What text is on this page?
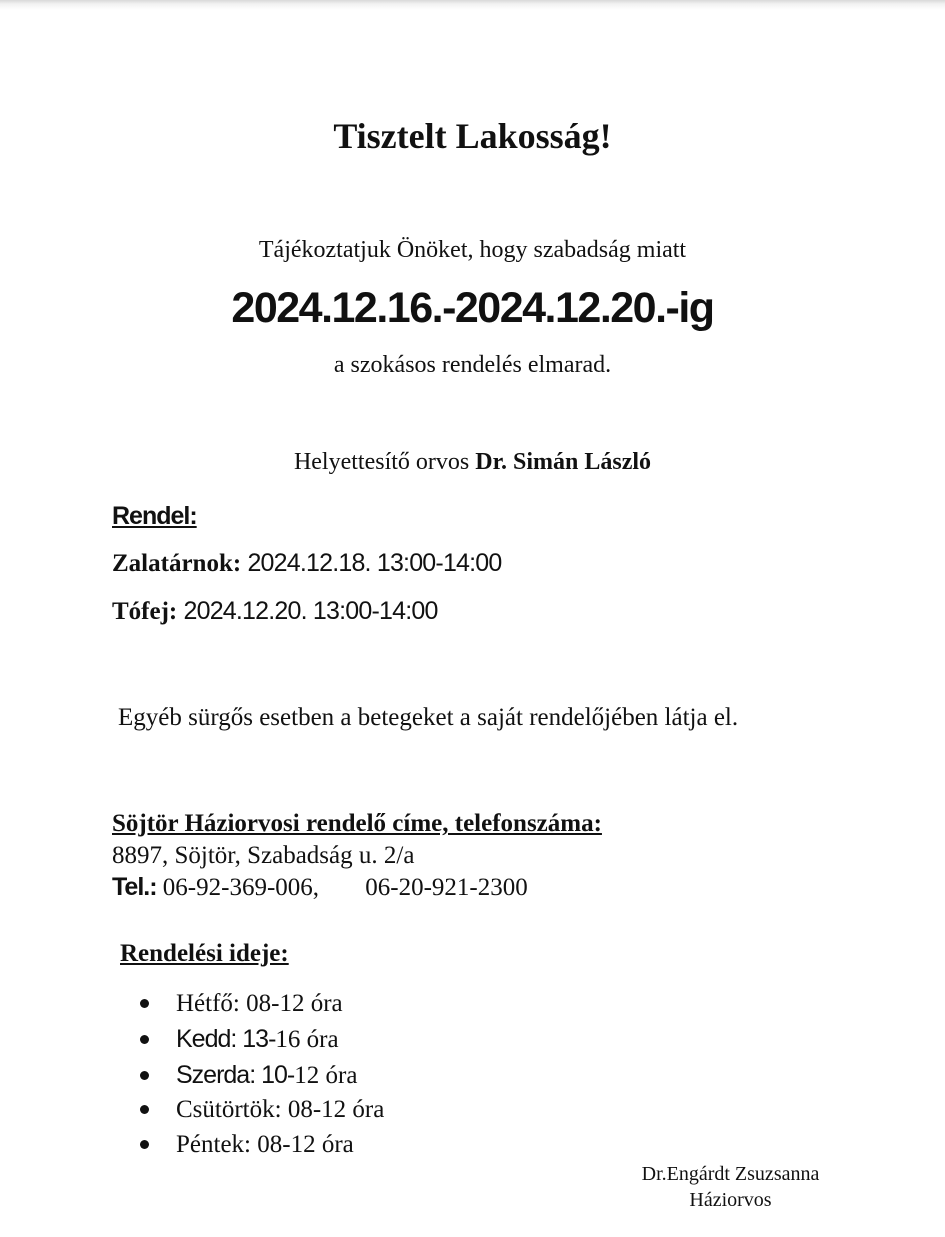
Tisztelt Lakosság!
Tájékoztatjuk Önöket, hogy szabadság miatt
2024.12.16.-2024.12.20.-ig
a szokásos rendelés elmarad.
Helyettesítő orvos Dr. Simán László
Rendel:
Zalatárnok: 2024.12.18. 13:00-14:00
Tófej: 2024.12.20. 13:00-14:00
Egyéb sürgős esetben a betegeket a saját rendelőjében látja el.
Söjtör Háziorvosi rendelő címe, telefonszáma:
8897, Söjtör, Szabadság u. 2/a
Tel.: 06-92-369-006, 06-20-921-2300
Rendelési ideje:
Hétfő: 08-12 óra
Kedd: 13-16 óra
Szerda: 10-12 óra
Csütörtök: 08-12 óra
Péntek: 08-12 óra
Dr.Engárdt Zsuzsanna
Háziorvos
